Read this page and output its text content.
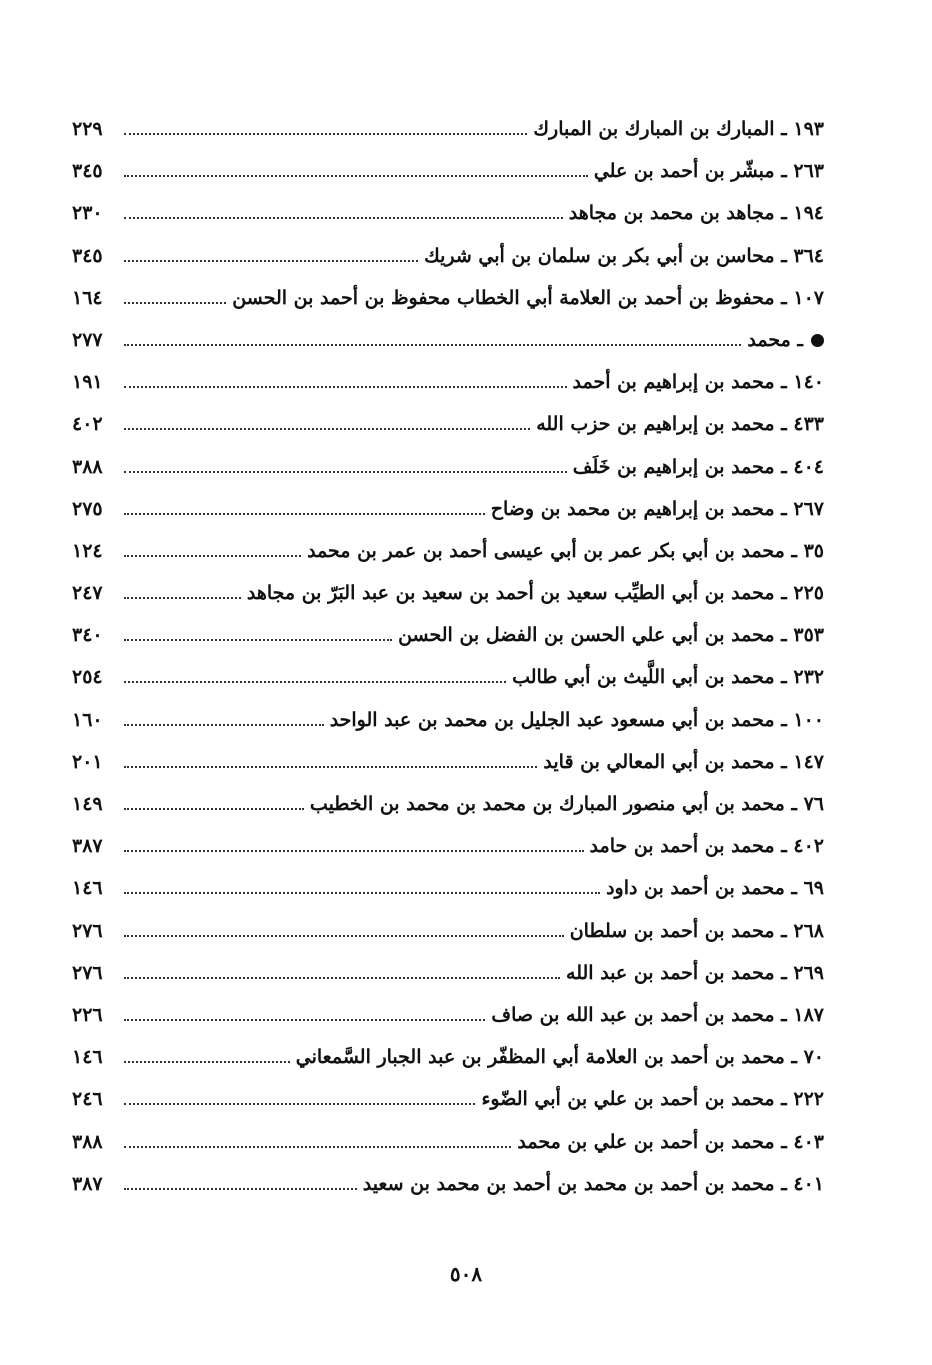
١٩٣ ـ المبارك بن المبارك بن المبارك
٢٢٩
٢٦٣ ـ مبشّر بن أحمد بن علي
٣٤٥
١٩٤ ـ مجاهد بن محمد بن مجاهد
٢٣٠
٣٦٤ ـ محاسن بن أبي بكر بن سلمان بن أبي شريك
٣٤٥
١٠٧ ـ محفوظ بن أحمد بن العلامة أبي الخطاب محفوظ بن أحمد بن الحسن
١٦٤
ـ محمد
٢٧٧
١٤٠ ـ محمد بن إبراهيم بن أحمد
١٩١
٤٣٣ ـ محمد بن إبراهيم بن حزب الله
٤٠٢
٤٠٤ ـ محمد بن إبراهيم بن خَلَف
٣٨٨
٢٦٧ ـ محمد بن إبراهيم بن محمد بن وضاح
٢٧٥
٣٥ ـ محمد بن أبي بكر عمر بن أبي عيسى أحمد بن عمر بن محمد
١٢٤
٢٢٥ ـ محمد بن أبي الطيِّب سعيد بن أحمد بن سعيد بن عبد البَرّ بن مجاهد
٢٤٧
٣٥٣ ـ محمد بن أبي علي الحسن بن الفضل بن الحسن
٣٤٠
٢٣٢ ـ محمد بن أبي اللَّيث بن أبي طالب
٢٥٤
١٠٠ ـ محمد بن أبي مسعود عبد الجليل بن محمد بن عبد الواحد
١٦٠
١٤٧ ـ محمد بن أبي المعالي بن قايد
٢٠١
٧٦ ـ محمد بن أبي منصور المبارك بن محمد بن محمد بن الخطيب
١٤٩
٤٠٢ ـ محمد بن أحمد بن حامد
٣٨٧
٦٩ ـ محمد بن أحمد بن داود
١٤٦
٢٦٨ ـ محمد بن أحمد بن سلطان
٢٧٦
٢٦٩ ـ محمد بن أحمد بن عبد الله
٢٧٦
١٨٧ ـ محمد بن أحمد بن عبد الله بن صاف
٢٢٦
٧٠ ـ محمد بن أحمد بن العلامة أبي المظفّر بن عبد الجبار السَّمعاني
١٤٦
٢٢٢ ـ محمد بن أحمد بن علي بن أبي الضّوء
٢٤٦
٤٠٣ ـ محمد بن أحمد بن علي بن محمد
٣٨٨
٤٠١ ـ محمد بن أحمد بن محمد بن أحمد بن محمد بن سعيد
٣٨٧
٥٠٨
